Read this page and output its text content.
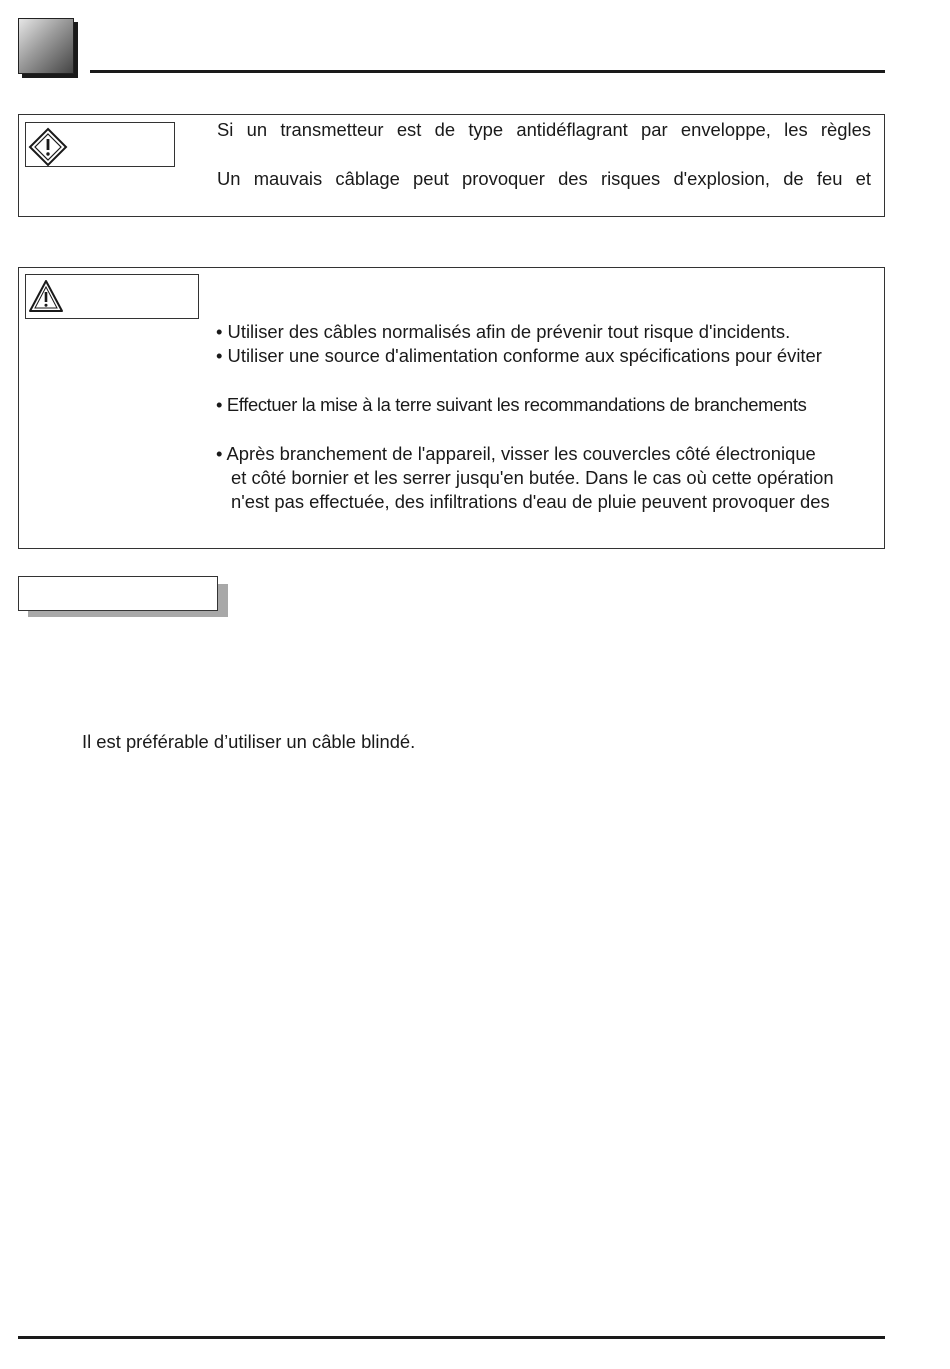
Si un transmetteur est de type antidéflagrant par enveloppe, les règles
Un mauvais câblage peut provoquer des risques d'explosion, de feu et
• Utiliser des câbles normalisés afin de prévenir tout risque d'incidents.
• Utiliser une source d'alimentation conforme aux spécifications pour éviter
• Effectuer la mise à la terre suivant les recommandations de branchements
• Après branchement de l'appareil, visser les couvercles côté électronique
et côté bornier et les serrer jusqu'en butée. Dans le cas où cette opération
n'est pas effectuée, des infiltrations d'eau de pluie peuvent provoquer des
Il est préférable d’utiliser un câble blindé.
